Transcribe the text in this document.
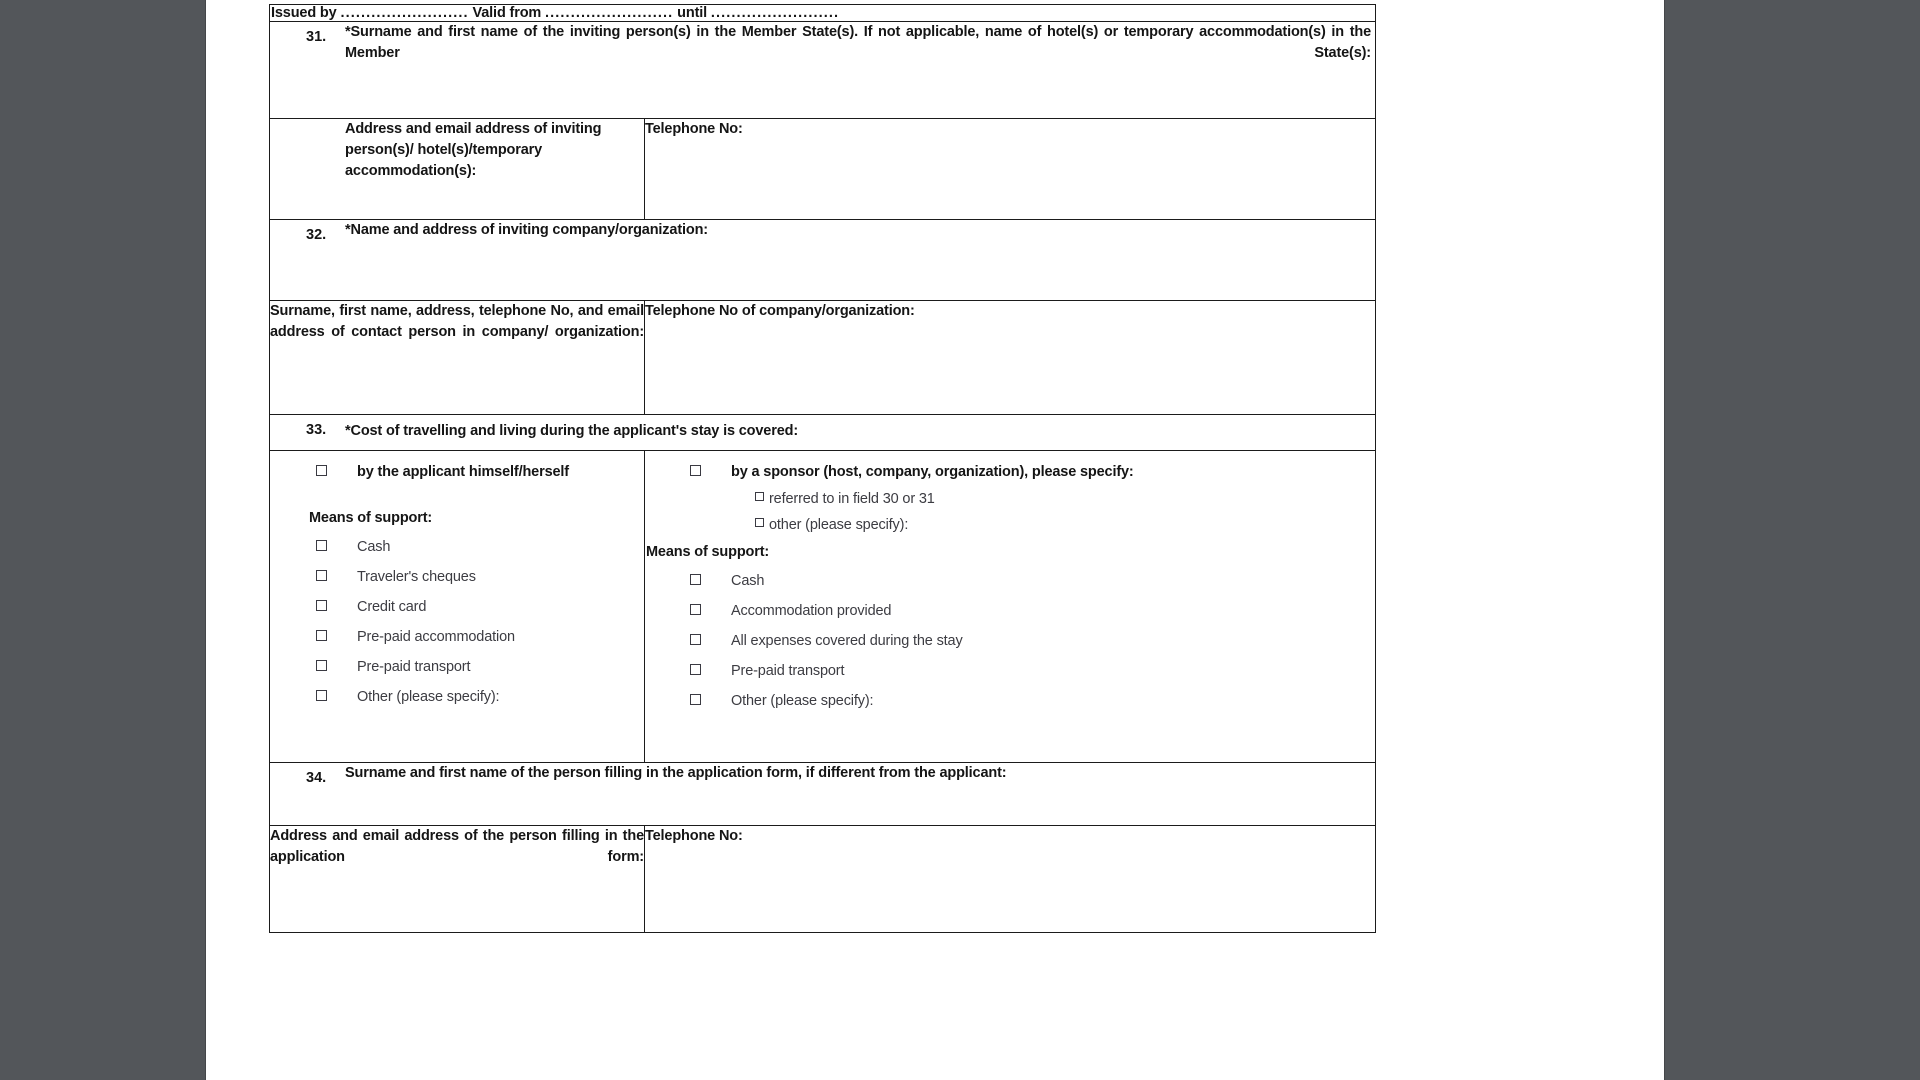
Issued by ......................... Valid from ......................... until .........................	

31. *Surname and first name of the inviting person(s) in the Member State(s). If not applicable, name of hotel(s) or temporary accommodation(s) in the Member State(s):	

Address and email address of inviting person(s)/ hotel(s)/temporary accommodation(s):	Telephone No:

32. *Name and address of inviting company/organization:	

Surname, first name, address, telephone No, and email address of contact person in company/ organization:	Telephone No of company/organization:

33. *Cost of travelling and living during the applicant's stay is covered:	

by the applicant himself/herself
Means of support:
Cash
Traveler's cheques
Credit card
Pre-paid accommodation
Pre-paid transport
Other (please specify):

by a sponsor (host, company, organization), please specify:
referred to in field 30 or 31
other (please specify):
Means of support:
Cash
Accommodation provided
All expenses covered during the stay
Pre-paid transport
Other (please specify):

34. Surname and first name of the person filling in the application form, if different from the applicant:	

Address and email address of the person filling in the application form:	Telephone No:
